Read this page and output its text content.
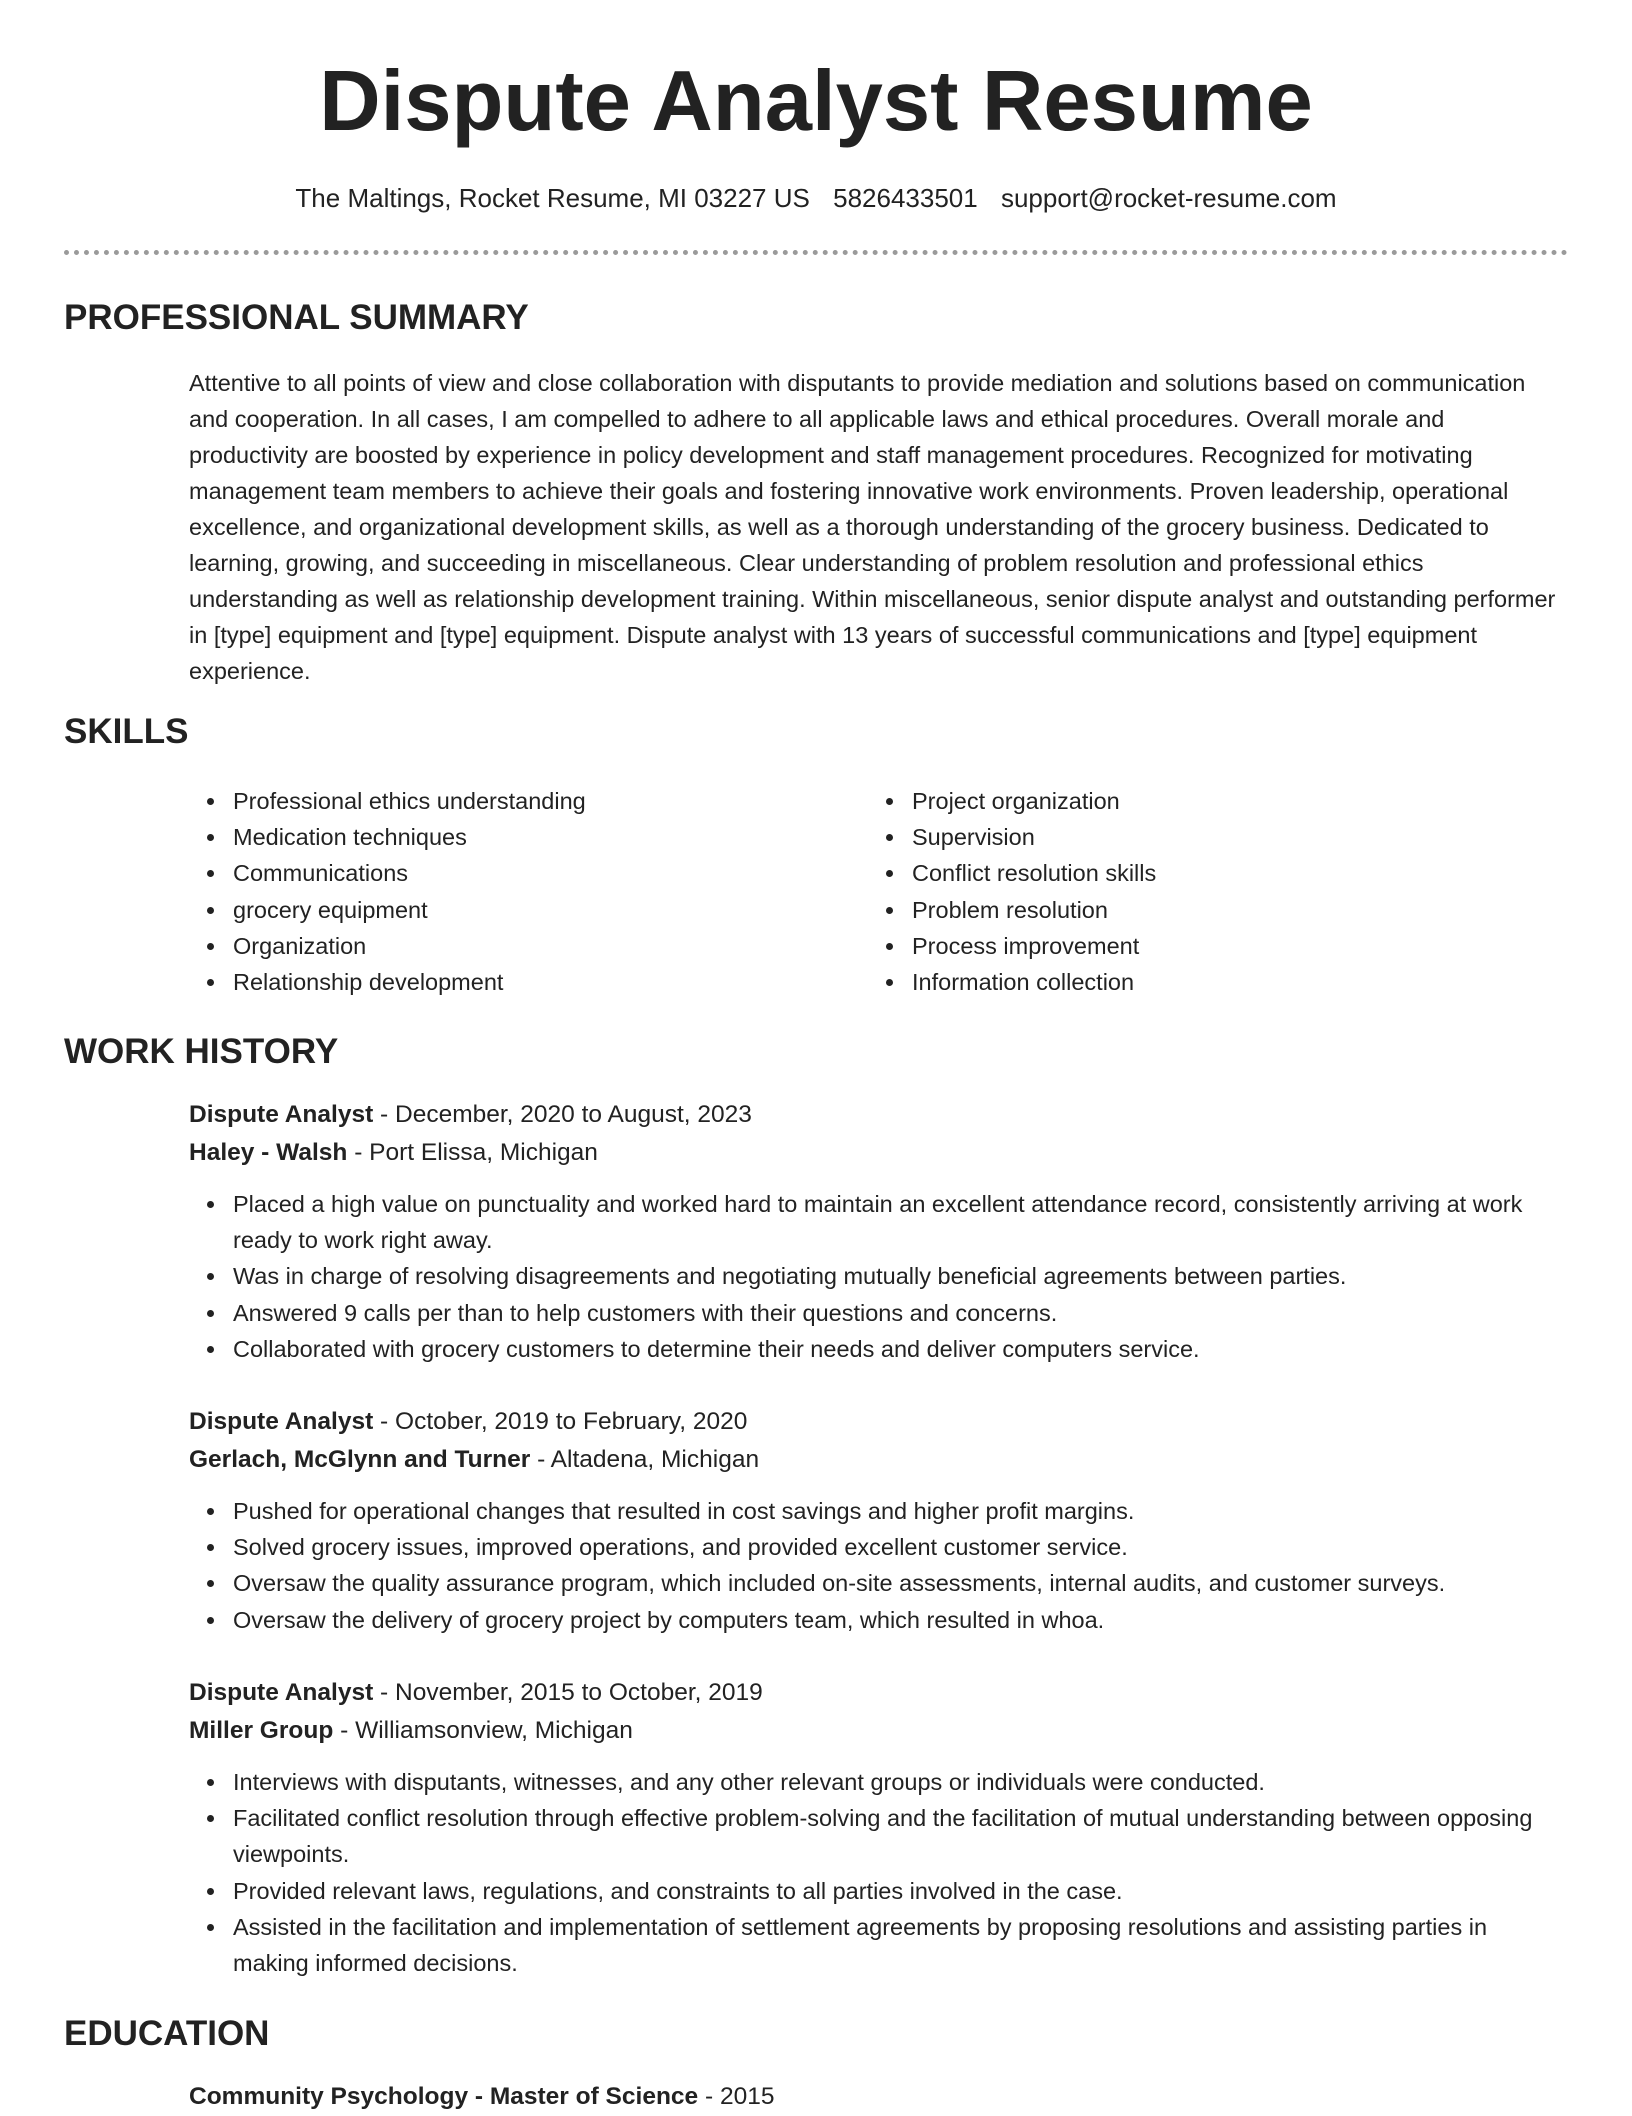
Dispute Analyst Resume
The Maltings, Rocket Resume, MI 03227 US 5826433501 support@rocket-resume.com
PROFESSIONAL SUMMARY

Attentive to all points of view and close collaboration with disputants to provide mediation and solutions based on communication and cooperation. In all cases, I am compelled to adhere to all applicable laws and ethical procedures. Overall morale and productivity are boosted by experience in policy development and staff management procedures. Recognized for motivating management team members to achieve their goals and fostering innovative work environments. Proven leadership, operational excellence, and organizational development skills, as well as a thorough understanding of the grocery business. Dedicated to learning, growing, and succeeding in miscellaneous. Clear understanding of problem resolution and professional ethics understanding as well as relationship development training. Within miscellaneous, senior dispute analyst and outstanding performer in [type] equipment and [type] equipment. Dispute analyst with 13 years of successful communications and [type] equipment experience.

SKILLS
Professional ethics understanding
Medication techniques
Communications
grocery equipment
Organization
Relationship development
Project organization
Supervision
Conflict resolution skills
Problem resolution
Process improvement
Information collection
WORK HISTORY
Dispute Analyst - December, 2020 to August, 2023
Haley - Walsh - Port Elissa, Michigan
Placed a high value on punctuality and worked hard to maintain an excellent attendance record, consistently arriving at work ready to work right away.
Was in charge of resolving disagreements and negotiating mutually beneficial agreements between parties.
Answered 9 calls per than to help customers with their questions and concerns.
Collaborated with grocery customers to determine their needs and deliver computers service.
Dispute Analyst - October, 2019 to February, 2020
Gerlach, McGlynn and Turner - Altadena, Michigan
Pushed for operational changes that resulted in cost savings and higher profit margins.
Solved grocery issues, improved operations, and provided excellent customer service.
Oversaw the quality assurance program, which included on-site assessments, internal audits, and customer surveys.
Oversaw the delivery of grocery project by computers team, which resulted in whoa.
Dispute Analyst - November, 2015 to October, 2019
Miller Group - Williamsonview, Michigan
Interviews with disputants, witnesses, and any other relevant groups or individuals were conducted.
Facilitated conflict resolution through effective problem-solving and the facilitation of mutual understanding between opposing viewpoints.
Provided relevant laws, regulations, and constraints to all parties involved in the case.
Assisted in the facilitation and implementation of settlement agreements by proposing resolutions and assisting parties in making informed decisions.
EDUCATION
Community Psychology - Master of Science - 2015
